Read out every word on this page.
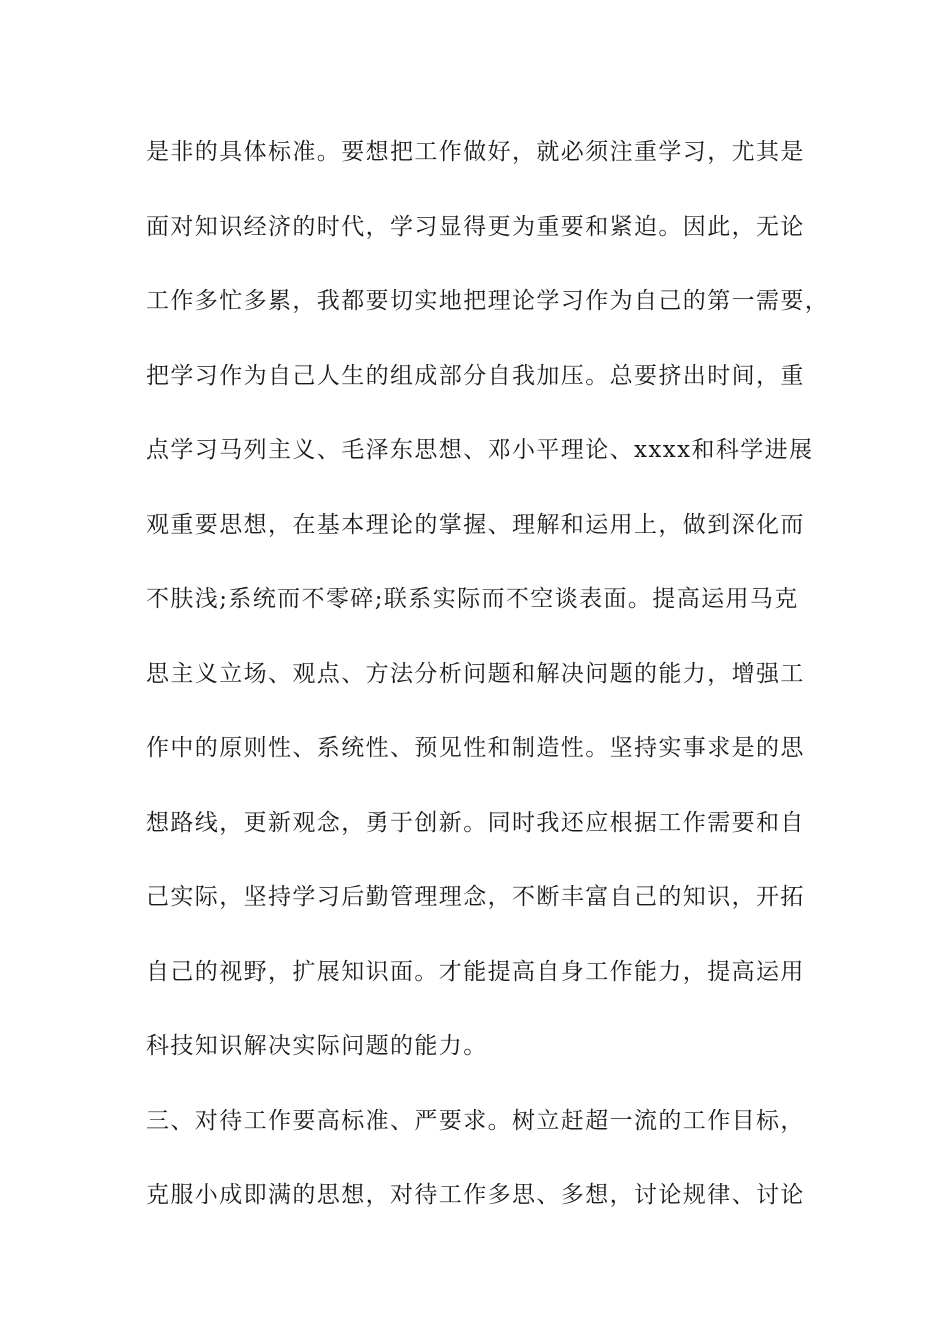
是非的具体标准。要想把工作做好，就必须注重学习，尤其是
面对知识经济的时代，学习显得更为重要和紧迫。因此，无论
工作多忙多累，我都要切实地把理论学习作为自己的第一需要，
把学习作为自己人生的组成部分自我加压。总要挤出时间，重
点学习马列主义、毛泽东思想、邓小平理论、xxxx和科学进展
观重要思想，在基本理论的掌握、理解和运用上，做到深化而
不肤浅;系统而不零碎;联系实际而不空谈表面。提高运用马克
思主义立场、观点、方法分析问题和解决问题的能力，增强工
作中的原则性、系统性、预见性和制造性。坚持实事求是的思
想路线，更新观念，勇于创新。同时我还应根据工作需要和自
己实际，坚持学习后勤管理理念，不断丰富自己的知识，开拓
自己的视野，扩展知识面。才能提高自身工作能力，提高运用
科技知识解决实际问题的能力。
三、对待工作要高标准、严要求。树立赶超一流的工作目标，
克服小成即满的思想，对待工作多思、多想，讨论规律、讨论
